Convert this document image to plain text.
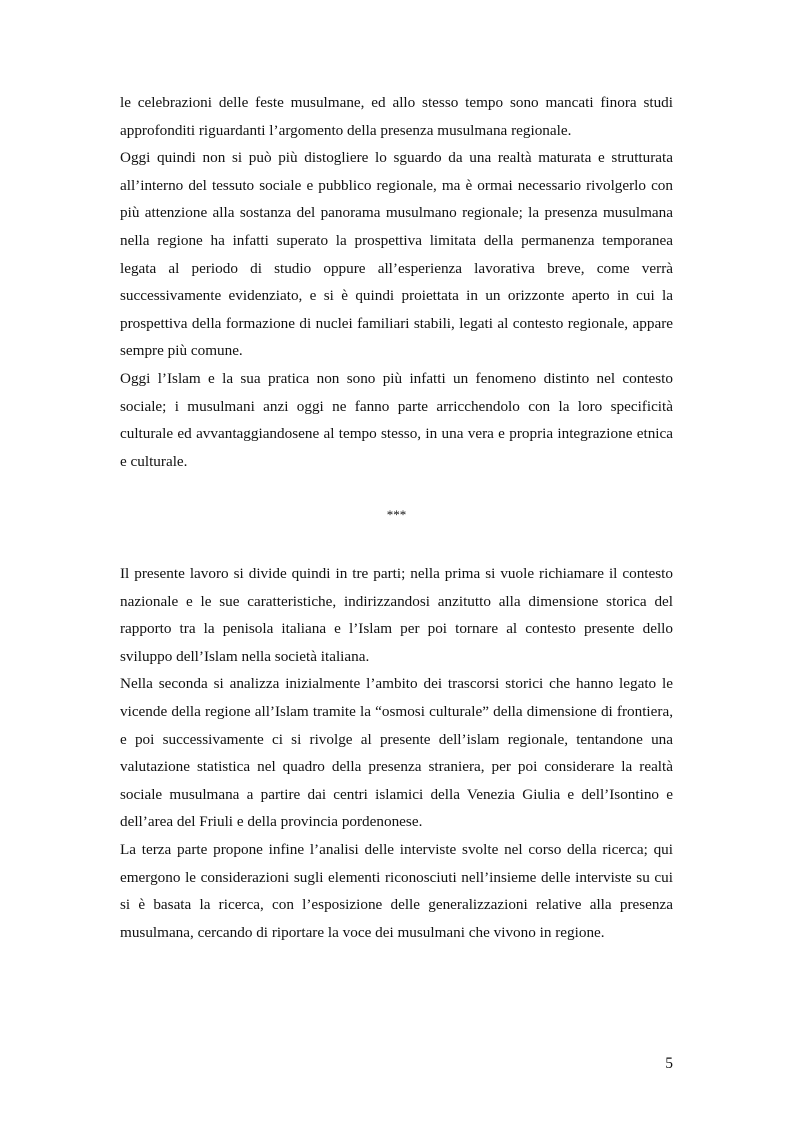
le celebrazioni delle feste musulmane, ed allo stesso tempo sono mancati finora studi approfonditi riguardanti l’argomento della presenza musulmana regionale.

Oggi quindi non si può più distogliere lo sguardo da una realtà maturata e strutturata all’interno del tessuto sociale e pubblico regionale, ma è ormai necessario rivolgerlo con più attenzione alla sostanza del panorama musulmano regionale; la presenza musulmana nella regione ha infatti superato la prospettiva limitata della permanenza temporanea legata al periodo di studio oppure all’esperienza lavorativa breve, come verrà successivamente evidenziato, e si è quindi proiettata in un orizzonte aperto in cui la prospettiva della formazione di nuclei familiari stabili, legati al contesto regionale, appare sempre più comune.

Oggi l’Islam e la sua pratica non sono più infatti un fenomeno distinto nel contesto sociale; i musulmani anzi oggi ne fanno parte arricchendolo con la loro specificità culturale ed avvantaggiandosene al tempo stesso, in una vera e propria integrazione etnica e culturale.

***

Il presente lavoro si divide quindi in tre parti; nella prima si vuole richiamare il contesto nazionale e le sue caratteristiche, indirizzandosi anzitutto alla dimensione storica del rapporto tra la penisola italiana e l’Islam per poi tornare al contesto presente dello sviluppo dell’Islam nella società italiana.

Nella seconda si analizza inizialmente l’ambito dei trascorsi storici che hanno legato le vicende della regione all’Islam tramite la “osmosi culturale” della dimensione di frontiera, e poi successivamente ci si rivolge al presente dell’islam regionale, tentandone una valutazione statistica nel quadro della presenza straniera, per poi considerare la realtà sociale musulmana a partire dai centri islamici della Venezia Giulia e dell’Isontino e dell’area del Friuli e della provincia pordenonese.

La terza parte propone infine l’analisi delle interviste svolte nel corso della ricerca; qui emergono le considerazioni sugli elementi riconosciuti nell’insieme delle interviste su cui si è basata la ricerca, con l’esposizione delle generalizzazioni relative alla presenza musulmana, cercando di riportare la voce dei musulmani che vivono in regione.

5
